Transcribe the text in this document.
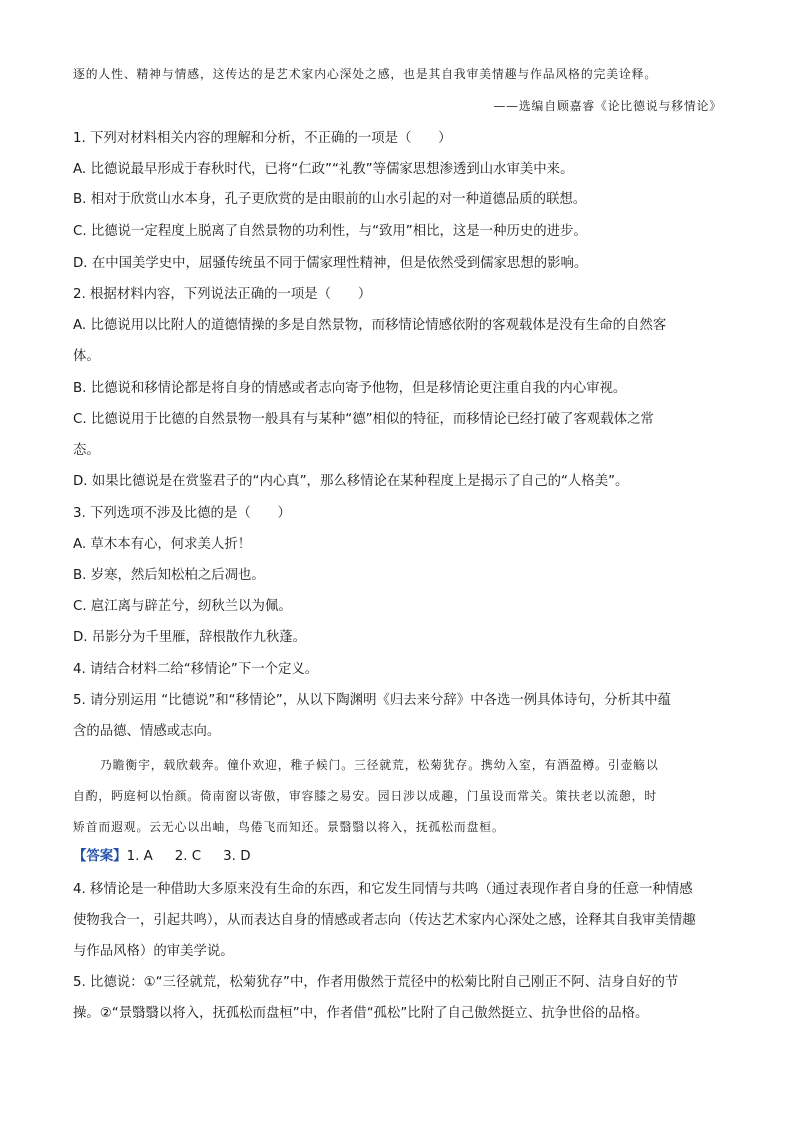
逐的人性、精神与情感，这传达的是艺术家内心深处之感，也是其自我审美情趣与作品风格的完美诠释。
——选编自顾嘉睿《论比德说与移情论》
1. 下列对材料相关内容的理解和分析，不正确的一项是（　　）
A. 比德说最早形成于春秋时代，已将“仁政”“礼教”等儒家思想渗透到山水审美中来。
B. 相对于欣赏山水本身，孔子更欣赏的是由眼前的山水引起的对一种道德品质的联想。
C. 比德说一定程度上脱离了自然景物的功利性，与“致用”相比，这是一种历史的进步。
D. 在中国美学史中，屈骚传统虽不同于儒家理性精神，但是依然受到儒家思想的影响。
2. 根据材料内容，下列说法正确的一项是（　　）
A. 比德说用以比附人的道德情操的多是自然景物，而移情论情感依附的客观载体是没有生命的自然客
体。
B. 比德说和移情论都是将自身的情感或者志向寄予他物，但是移情论更注重自我的内心审视。
C. 比德说用于比德的自然景物一般具有与某种“德”相似的特征，而移情论已经打破了客观载体之常
态。
D. 如果比德说是在赏鉴君子的“内心真”，那么移情论在某种程度上是揭示了自己的“人格美”。
3. 下列选项不涉及比德的是（　　）
A. 草木本有心，何求美人折！
B. 岁寒，然后知松柏之后凋也。
C. 扈江离与辟芷兮，纫秋兰以为佩。
D. 吊影分为千里雁，辞根散作九秋蓬。
4. 请结合材料二给“移情论”下一个定义。
5. 请分别运用 “比德说”和“移情论”，从以下陶渊明《归去来兮辞》中各选一例具体诗句，分析其中蕴
含的品德、情感或志向。
乃瞻衡宇，载欣载奔。僮仆欢迎，稚子候门。三径就荒，松菊犹存。携幼入室，有酒盈樽。引壶觞以
自酌，眄庭柯以怡颜。倚南窗以寄傲，审容膝之易安。园日涉以成趣，门虽设而常关。策扶老以流憩，时
矫首而遐观。云无心以出岫，鸟倦飞而知还。景翳翳以将入，抚孤松而盘桓。
【答案】1. A 2. C 3. D
4. 移情论是一种借助大多原来没有生命的东西，和它发生同情与共鸣（通过表现作者自身的任意一种情感
使物我合一，引起共鸣），从而表达自身的情感或者志向（传达艺术家内心深处之感，诠释其自我审美情趣
与作品风格）的审美学说。
5. 比德说：①“三径就荒，松菊犹存”中，作者用傲然于荒径中的松菊比附自己刚正不阿、洁身自好的节
操。②“景翳翳以将入，抚孤松而盘桓”中，作者借“孤松”比附了自己傲然挺立、抗争世俗的品格。
